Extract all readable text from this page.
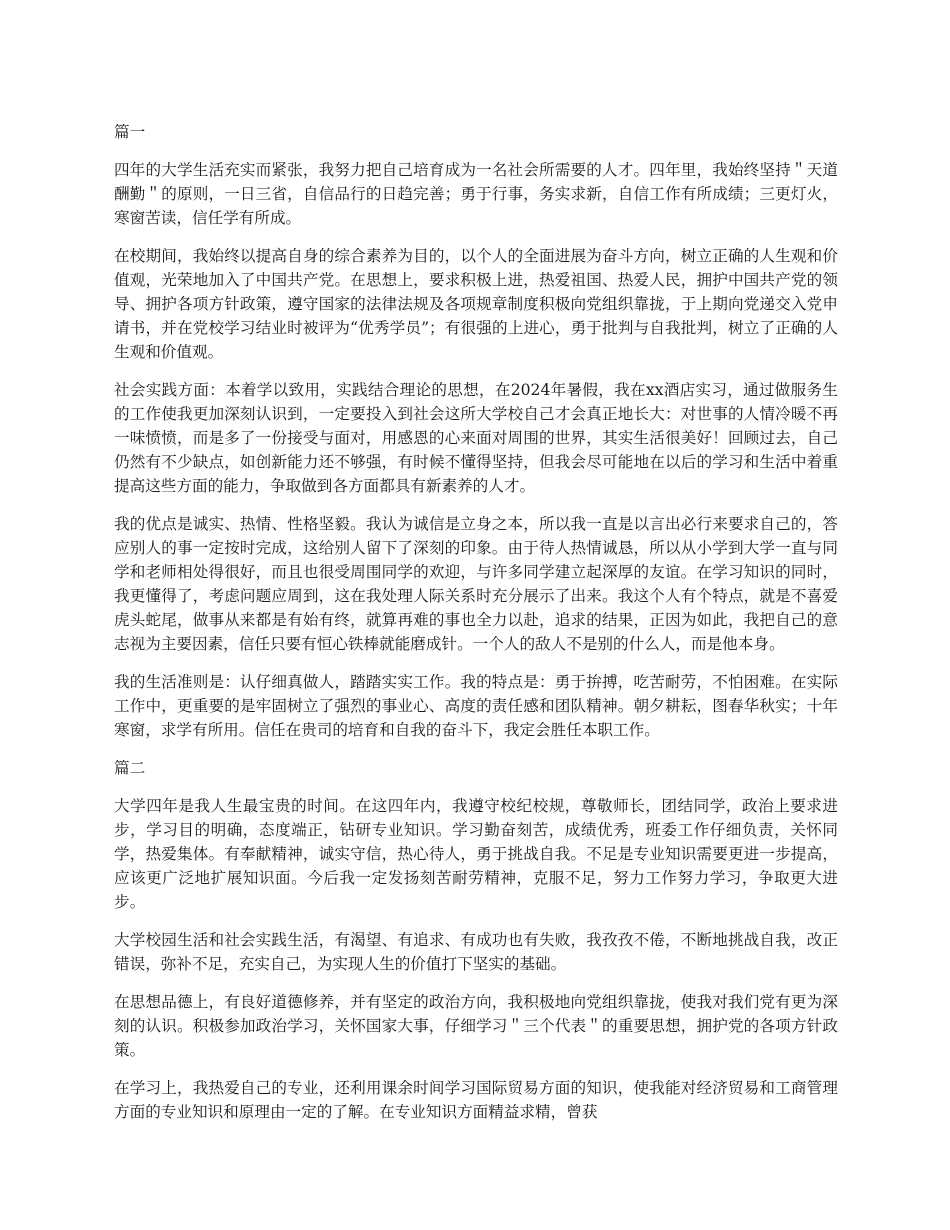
篇一

四年的大学生活充实而紧张，我努力把自己培育成为一名社会所需要的人才。四年里，我始终坚持＂天道酬勤＂的原则，一日三省，自信品行的日趋完善；勇于行事，务实求新，自信工作有所成绩；三更灯火，寒窗苦读，信任学有所成。

在校期间，我始终以提高自身的综合素养为目的，以个人的全面进展为奋斗方向，树立正确的人生观和价值观，光荣地加入了中国共产党。在思想上，要求积极上进，热爱祖国、热爱人民，拥护中国共产党的领导、拥护各项方针政策，遵守国家的法律法规及各项规章制度积极向党组织靠拢，于上期向党递交入党申请书，并在党校学习结业时被评为“优秀学员”；有很强的上进心，勇于批判与自我批判，树立了正确的人生观和价值观。

社会实践方面：本着学以致用，实践结合理论的思想，在2024年暑假，我在xx酒店实习，通过做服务生的工作使我更加深刻认识到，一定要投入到社会这所大学校自己才会真正地长大：对世事的人情冷暖不再一味愤愤，而是多了一份接受与面对，用感恩的心来面对周围的世界，其实生活很美好！回顾过去，自己仍然有不少缺点，如创新能力还不够强，有时候不懂得坚持，但我会尽可能地在以后的学习和生活中着重提高这些方面的能力，争取做到各方面都具有新素养的人才。

我的优点是诚实、热情、性格坚毅。我认为诚信是立身之本，所以我一直是以言出必行来要求自己的，答应别人的事一定按时完成，这给别人留下了深刻的印象。由于待人热情诚恳，所以从小学到大学一直与同学和老师相处得很好，而且也很受周围同学的欢迎，与许多同学建立起深厚的友谊。在学习知识的同时，我更懂得了，考虑问题应周到，这在我处理人际关系时充分展示了出来。我这个人有个特点，就是不喜爱虎头蛇尾，做事从来都是有始有终，就算再难的事也全力以赴，追求的结果，正因为如此，我把自己的意志视为主要因素，信任只要有恒心铁棒就能磨成针。一个人的敌人不是别的什么人，而是他本身。

我的生活准则是：认仔细真做人，踏踏实实工作。我的特点是：勇于拚搏，吃苦耐劳，不怕困难。在实际工作中，更重要的是牢固树立了强烈的事业心、高度的责任感和团队精神。朝夕耕耘，图春华秋实；十年寒窗，求学有所用。信任在贵司的培育和自我的奋斗下，我定会胜任本职工作。

篇二

大学四年是我人生最宝贵的时间。在这四年内，我遵守校纪校规，尊敬师长，团结同学，政治上要求进步，学习目的明确，态度端正，钻研专业知识。学习勤奋刻苦，成绩优秀，班委工作仔细负责，关怀同学，热爱集体。有奉献精神，诚实守信，热心待人，勇于挑战自我。不足是专业知识需要更进一步提高，应该更广泛地扩展知识面。今后我一定发扬刻苦耐劳精神，克服不足，努力工作努力学习，争取更大进步。

大学校园生活和社会实践生活，有渴望、有追求、有成功也有失败，我孜孜不倦，不断地挑战自我，改正错误，弥补不足，充实自己，为实现人生的价值打下坚实的基础。

在思想品德上，有良好道德修养，并有坚定的政治方向，我积极地向党组织靠拢，使我对我们党有更为深刻的认识。积极参加政治学习，关怀国家大事，仔细学习＂三个代表＂的重要思想，拥护党的各项方针政策。

在学习上，我热爱自己的专业，还利用课余时间学习国际贸易方面的知识，使我能对经济贸易和工商管理方面的专业知识和原理由一定的了解。在专业知识方面精益求精，曾获
